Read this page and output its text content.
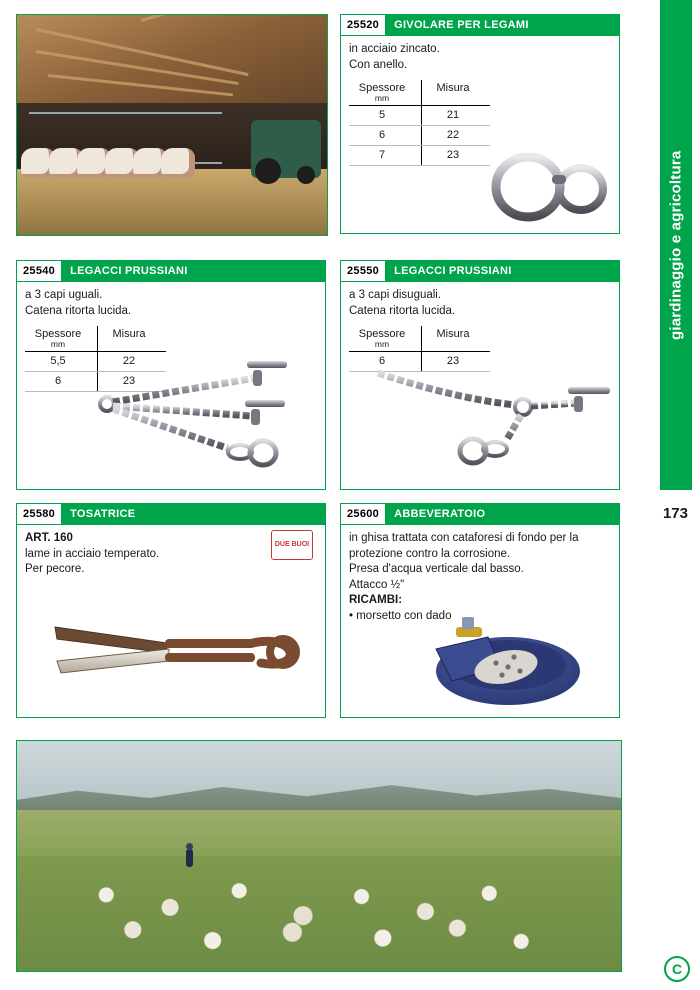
giardinaggio e agricoltura
173
C
25520	GIVOLARE PER LEGAMI

in acciaio zincato.

Con anello.

Spessore
mm	Misura
5	21
6	22
7	23
25540	LEGACCI PRUSSIANI

a 3 capi uguali.

Catena ritorta lucida.

Spessore
mm	Misura
5,5	22
6	23
25550	LEGACCI PRUSSIANI

a 3 capi disuguali.

Catena ritorta lucida.

Spessore
mm	Misura
6	23
25580	TOSATRICE

ART. 160

lame in acciaio temperato.

Per pecore.

DUE BUOI
25600	ABBEVERATOIO

in ghisa trattata con cataforesi di fondo per la

protezione contro la corrosione.

Presa d'acqua verticale dal basso.

Attacco ½"

RICAMBI:

• morsetto con dado
